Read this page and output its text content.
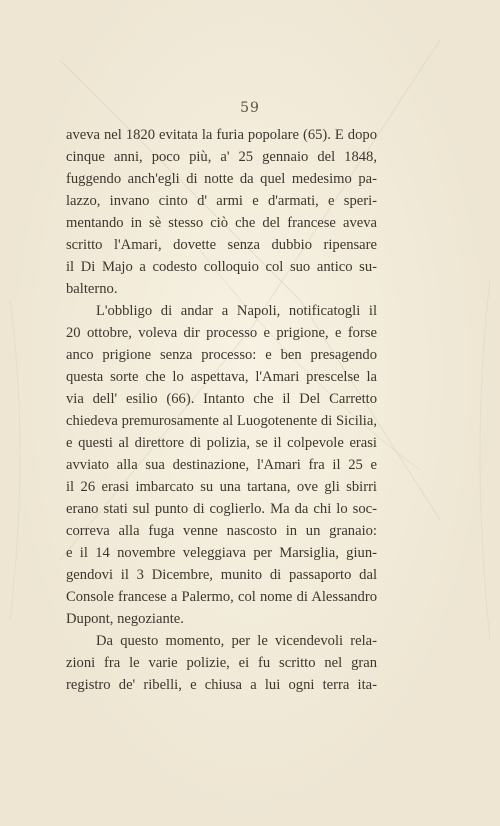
59
aveva nel 1820 evitata la furia popolare (65). E dopo
cinque anni, poco più, a' 25 gennaio del 1848,
fuggendo anch'egli di notte da quel medesimo pa-
lazzo, invano cinto d' armi e d'armati, e speri-
mentando in sè stesso ciò che del francese aveva
scritto l'Amari, dovette senza dubbio ripensare
il Di Majo a codesto colloquio col suo antico su-
balterno.
L'obbligo di andar a Napoli, notificatogli il
20 ottobre, voleva dir processo e prigione, e forse
anco prigione senza processo: e ben presagendo
questa sorte che lo aspettava, l'Amari prescelse la
via dell' esilio (66). Intanto che il Del Carretto
chiedeva premurosamente al Luogotenente di Sicilia,
e questi al direttore di polizia, se il colpevole erasi
avviato alla sua destinazione, l'Amari fra il 25 e
il 26 erasi imbarcato su una tartana, ove gli sbirri
erano stati sul punto di coglierlo. Ma da chi lo soc-
correva alla fuga venne nascosto in un granaio:
e il 14 novembre veleggiava per Marsiglia, giun-
gendovi il 3 Dicembre, munito di passaporto dal
Console francese a Palermo, col nome di Alessandro
Dupont, negoziante.
Da questo momento, per le vicendevoli rela-
zioni fra le varie polizie, ei fu scritto nel gran
registro de' ribelli, e chiusa a lui ogni terra ita-
